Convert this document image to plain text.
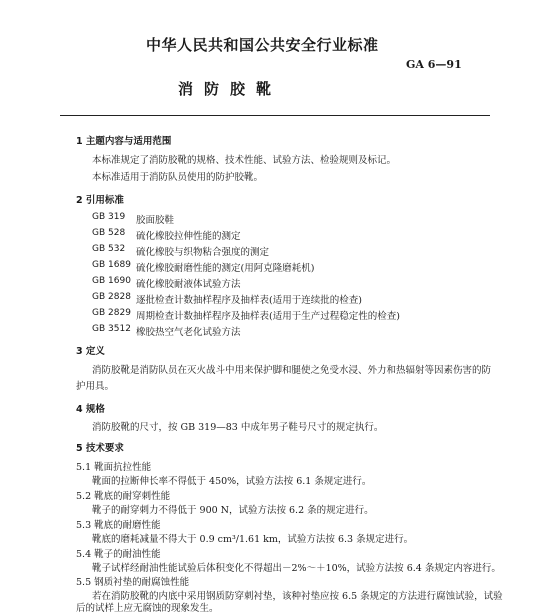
中华人民共和国公共安全行业标准
GA 6—91
消防胶靴
1 主题内容与适用范围
本标准规定了消防胶靴的规格、技术性能、试验方法、检验规则及标记。
本标准适用于消防队员使用的防护胶靴。
2 引用标准
GB 319 胶面胶鞋
GB 528 硫化橡胶拉伸性能的测定
GB 532 硫化橡胶与织物粘合强度的测定
GB 1689 硫化橡胶耐磨性能的测定(用阿克隆磨耗机)
GB 1690 硫化橡胶耐液体试验方法
GB 2828 逐批检查计数抽样程序及抽样表(适用于连续批的检查)
GB 2829 周期检查计数抽样程序及抽样表(适用于生产过程稳定性的检查)
GB 3512 橡胶热空气老化试验方法
3 定义
消防胶靴是消防队员在灭火战斗中用来保护脚和腿使之免受水浸、外力和热辐射等因素伤害的防
护用具。
4 规格
消防胶靴的尺寸，按 GB 319—83 中成年男子鞋号尺寸的规定执行。
5 技术要求
5.1 靴面抗拉性能
靴面的拉断伸长率不得低于 450%，试验方法按 6.1 条规定进行。
5.2 靴底的耐穿刺性能
靴子的耐穿刺力不得低于 900 N，试验方法按 6.2 条的规定进行。
5.3 靴底的耐磨性能
靴底的磨耗减量不得大于 0.9 cm³/1.61 km，试验方法按 6.3 条规定进行。
5.4 靴子的耐油性能
靴子试样经耐油性能试验后体积变化不得超出－2%～＋10%，试验方法按 6.4 条规定内容进行。
5.5 钢质衬垫的耐腐蚀性能
若在消防胶靴的内底中采用钢质防穿刺衬垫，该种衬垫应按 6.5 条规定的方法进行腐蚀试验，试验
后的试样上应无腐蚀的现象发生。
